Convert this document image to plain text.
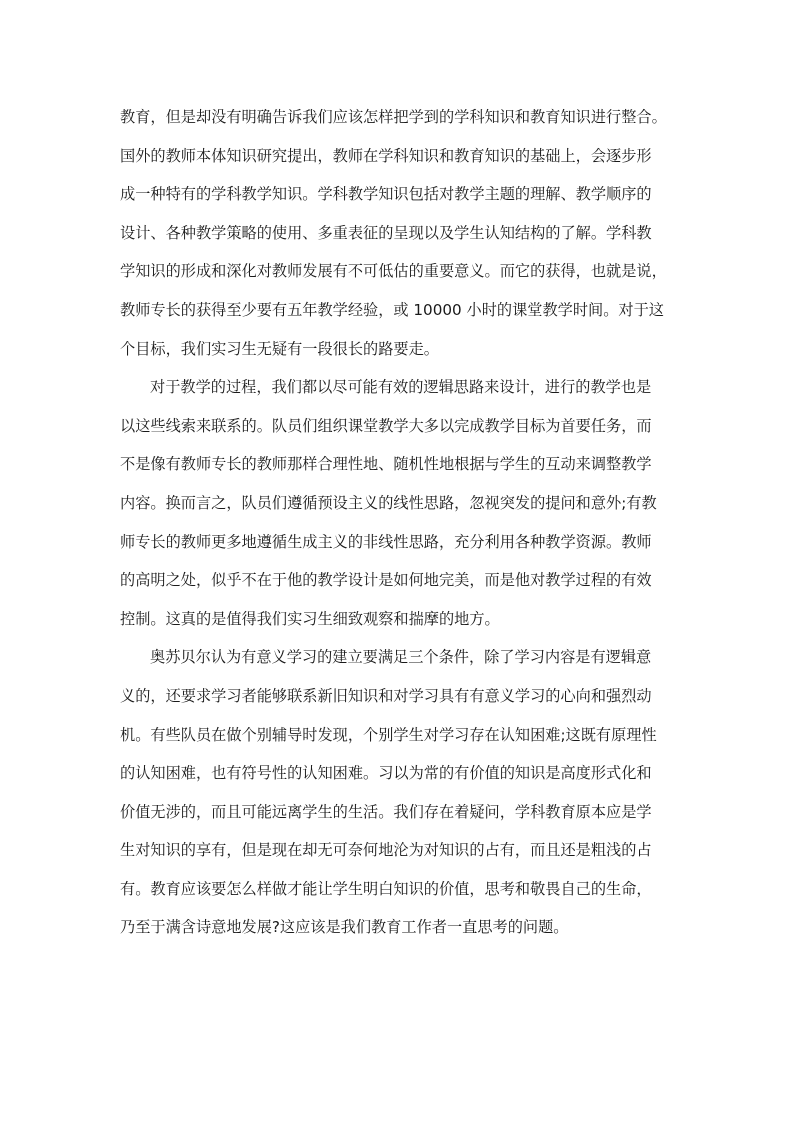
教育，但是却没有明确告诉我们应该怎样把学到的学科知识和教育知识进行整合。
国外的教师本体知识研究提出，教师在学科知识和教育知识的基础上，会逐步形
成一种特有的学科教学知识。学科教学知识包括对教学主题的理解、教学顺序的
设计、各种教学策略的使用、多重表征的呈现以及学生认知结构的了解。学科教
学知识的形成和深化对教师发展有不可低估的重要意义。而它的获得，也就是说，
教师专长的获得至少要有五年教学经验，或 10000 小时的课堂教学时间。对于这
个目标，我们实习生无疑有一段很长的路要走。

对于教学的过程，我们都以尽可能有效的逻辑思路来设计，进行的教学也是
以这些线索来联系的。队员们组织课堂教学大多以完成教学目标为首要任务，而
不是像有教师专长的教师那样合理性地、随机性地根据与学生的互动来调整教学
内容。换而言之，队员们遵循预设主义的线性思路，忽视突发的提问和意外;有教
师专长的教师更多地遵循生成主义的非线性思路，充分利用各种教学资源。教师
的高明之处，似乎不在于他的教学设计是如何地完美，而是他对教学过程的有效
控制。这真的是值得我们实习生细致观察和揣摩的地方。

奥苏贝尔认为有意义学习的建立要满足三个条件，除了学习内容是有逻辑意
义的，还要求学习者能够联系新旧知识和对学习具有有意义学习的心向和强烈动
机。有些队员在做个别辅导时发现，个别学生对学习存在认知困难;这既有原理性
的认知困难，也有符号性的认知困难。习以为常的有价值的知识是高度形式化和
价值无涉的，而且可能远离学生的生活。我们存在着疑问，学科教育原本应是学
生对知识的享有，但是现在却无可奈何地沦为对知识的占有，而且还是粗浅的占
有。教育应该要怎么样做才能让学生明白知识的价值，思考和敬畏自己的生命，
乃至于满含诗意地发展?这应该是我们教育工作者一直思考的问题。
